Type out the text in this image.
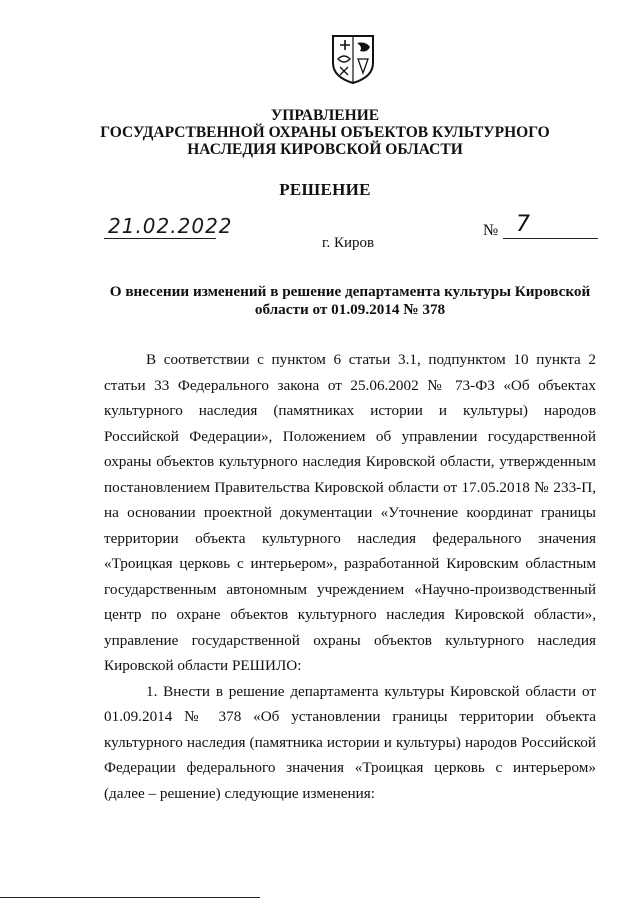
УПРАВЛЕНИЕ
ГОСУДАРСТВЕННОЙ ОХРАНЫ ОБЪЕКТОВ КУЛЬТУРНОГО
НАСЛЕДИЯ КИРОВСКОЙ ОБЛАСТИ
РЕШЕНИЕ
21.02.2022	№ 7
г. Киров
О внесении изменений в решение департамента культуры Кировской
области от 01.09.2014 № 378

В соответствии с пунктом 6 статьи 3.1, подпунктом 10 пункта 2 статьи 33 Федерального закона от 25.06.2002 № 73-ФЗ «Об объектах культурного наследия (памятниках истории и культуры) народов Российской Федерации», Положением об управлении государственной охраны объектов культурного наследия Кировской области, утвержденным постановлением Правительства Кировской области от 17.05.2018 № 233-П, на основании проектной документации «Уточнение координат границы территории объекта культурного наследия федерального значения «Троицкая церковь с интерьером», разработанной Кировским областным государственным автономным учреждением «Научно-производственный центр по охране объектов культурного наследия Кировской области», управление государственной охраны объектов культурного наследия Кировской области РЕШИЛО:

1. Внести в решение департамента культуры Кировской области от 01.09.2014 № 378 «Об установлении границы территории объекта культурного наследия (памятника истории и культуры) народов Российской Федерации федерального значения «Троицкая церковь с интерьером» (далее – решение) следующие изменения:
